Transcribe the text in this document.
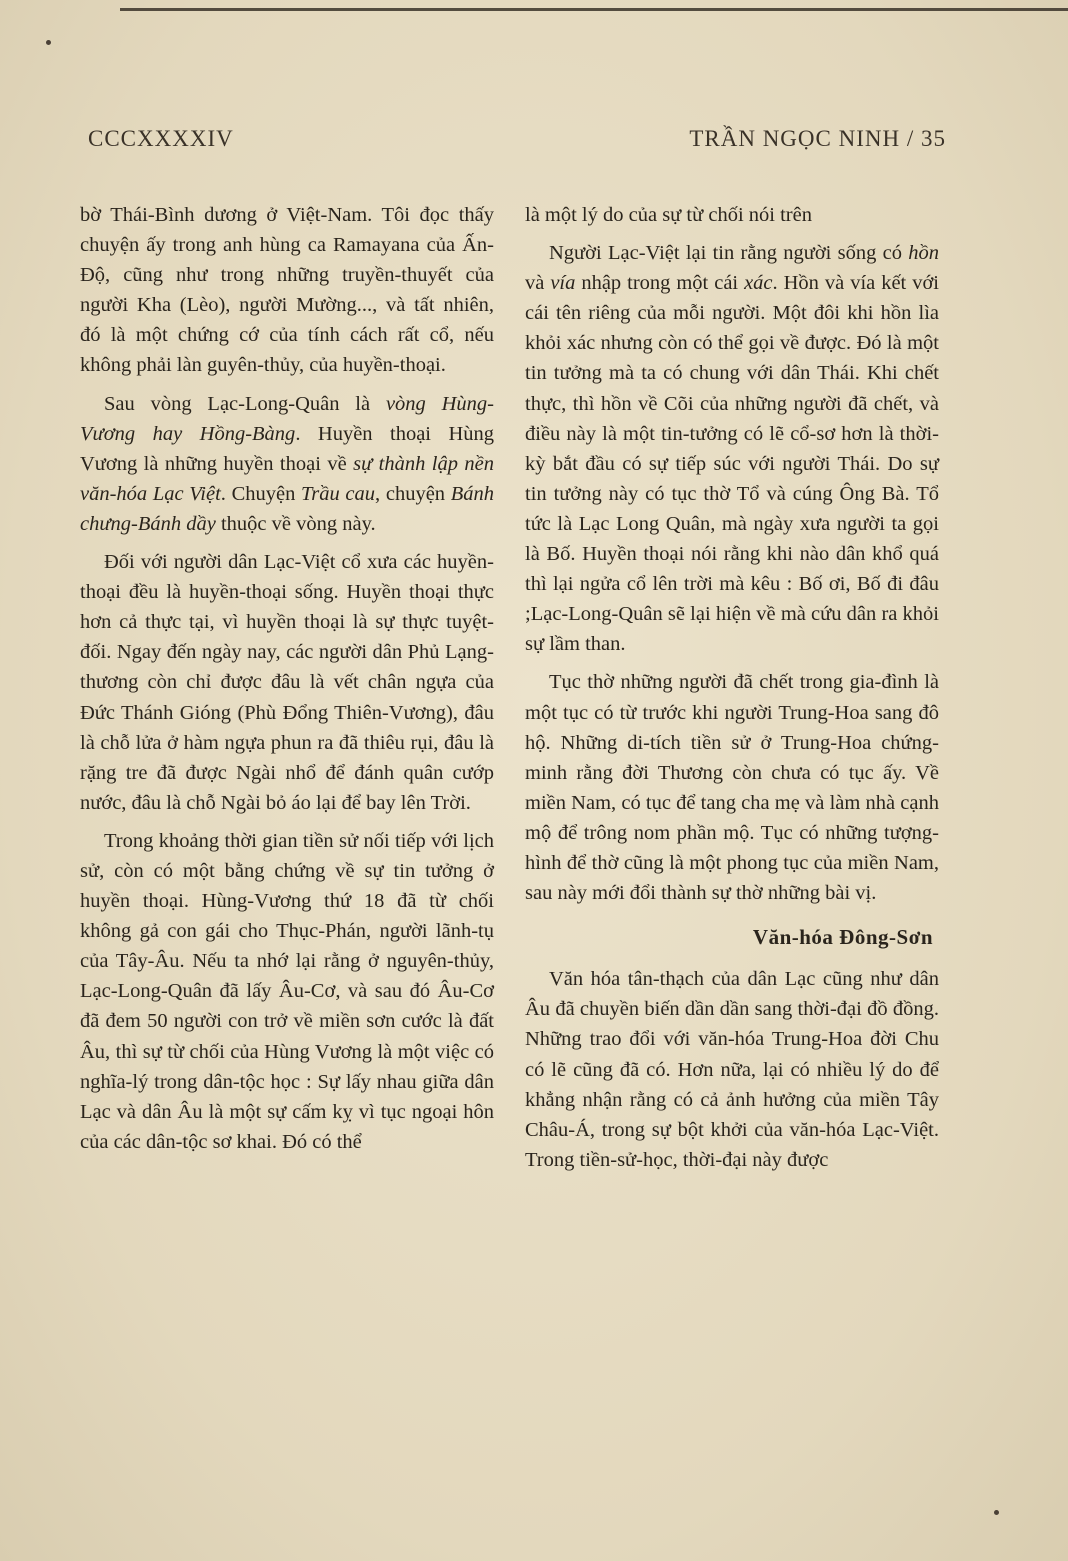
CCCXXXXIV	TRẦN NGỌC NINH / 35

bờ Thái-Bình dương ở Việt-Nam. Tôi đọc thấy chuyện ấy trong anh hùng ca Ramayana của Ấn-Độ, cũng như trong những truyền-thuyết của người Kha (Lèo), người Mường..., và tất nhiên, đó là một chứng cớ của tính cách rất cổ, nếu không phải làn guyên-thủy, của huyền-thoại.

Sau vòng Lạc-Long-Quân là vòng Hùng-Vương hay Hồng-Bàng. Huyền thoại Hùng Vương là những huyền thoại về sự thành lập nền văn-hóa Lạc Việt. Chuyện Trầu cau, chuyện Bánh chưng-Bánh dầy thuộc về vòng này.

Đối với người dân Lạc-Việt cổ xưa các huyền-thoại đều là huyền-thoại sống. Huyền thoại thực hơn cả thực tại, vì huyền thoại là sự thực tuyệt-đối. Ngay đến ngày nay, các người dân Phủ Lạng-thương còn chỉ được đâu là vết chân ngựa của Đức Thánh Gióng (Phù Đổng Thiên-Vương), đâu là chỗ lửa ở hàm ngựa phun ra đã thiêu rụi, đâu là rặng tre đã được Ngài nhổ để đánh quân cướp nước, đâu là chỗ Ngài bỏ áo lại để bay lên Trời.

Trong khoảng thời gian tiền sử nối tiếp với lịch sử, còn có một bằng chứng về sự tin tưởng ở huyền thoại. Hùng-Vương thứ 18 đã từ chối không gả con gái cho Thục-Phán, người lãnh-tụ của Tây-Âu. Nếu ta nhớ lại rằng ở nguyên-thủy, Lạc-Long-Quân đã lấy Âu-Cơ, và sau đó Âu-Cơ đã đem 50 người con trở về miền sơn cước là đất Âu, thì sự từ chối của Hùng Vương là một việc có nghĩa-lý trong dân-tộc học : Sự lấy nhau giữa dân Lạc và dân Âu là một sự cấm kỵ vì tục ngoại hôn của các dân-tộc sơ khai. Đó có thể

là một lý do của sự từ chối nói trên

Người Lạc-Việt lại tin rằng người sống có hồn và vía nhập trong một cái xác. Hồn và vía kết với cái tên riêng của mỗi người. Một đôi khi hồn lìa khỏi xác nhưng còn có thể gọi về được. Đó là một tin tưởng mà ta có chung với dân Thái. Khi chết thực, thì hồn về Cõi của những người đã chết, và điều này là một tin-tưởng có lẽ cổ-sơ hơn là thời-kỳ bắt đầu có sự tiếp súc với người Thái. Do sự tin tưởng này có tục thờ Tổ và cúng Ông Bà. Tổ tức là Lạc Long Quân, mà ngày xưa người ta gọi là Bố. Huyền thoại nói rằng khi nào dân khổ quá thì lại ngửa cổ lên trời mà kêu : Bố ơi, Bố đi đâu ;Lạc-Long-Quân sẽ lại hiện về mà cứu dân ra khỏi sự lầm than.

Tục thờ những người đã chết trong gia-đình là một tục có từ trước khi người Trung-Hoa sang đô hộ. Những di-tích tiền sử ở Trung-Hoa chứng-minh rằng đời Thương còn chưa có tục ấy. Về miền Nam, có tục để tang cha mẹ và làm nhà cạnh mộ để trông nom phần mộ. Tục có những tượng-hình để thờ cũng là một phong tục của miền Nam, sau này mới đổi thành sự thờ những bài vị.

Văn-hóa Đông-Sơn

Văn hóa tân-thạch của dân Lạc cũng như dân Âu đã chuyền biến dần dần sang thời-đại đồ đồng. Những trao đổi với văn-hóa Trung-Hoa đời Chu có lẽ cũng đã có. Hơn nữa, lại có nhiều lý do để khẳng nhận rằng có cả ảnh hưởng của miền Tây Châu-Á, trong sự bột khởi của văn-hóa Lạc-Việt. Trong tiền-sử-học, thời-đại này được
